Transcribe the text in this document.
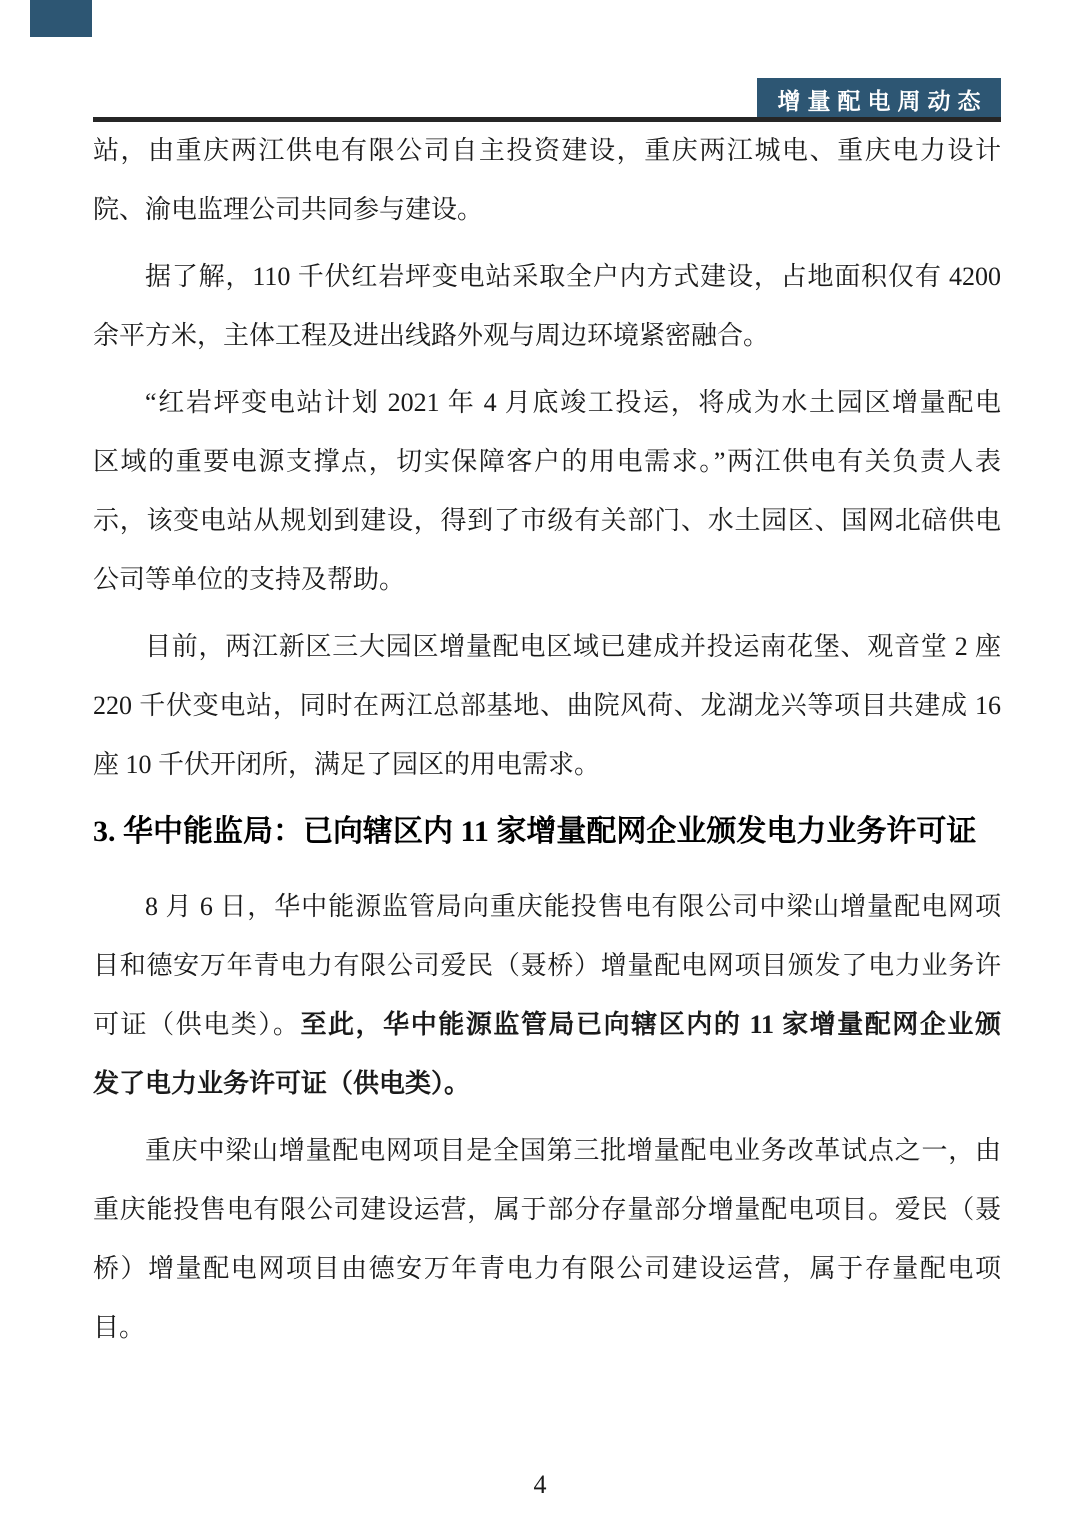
增量配电周动态
站，由重庆两江供电有限公司自主投资建设，重庆两江城电、重庆电力设计
院、渝电监理公司共同参与建设。
据了解，110 千伏红岩坪变电站采取全户内方式建设，占地面积仅有 4200
余平方米，主体工程及进出线路外观与周边环境紧密融合。
“红岩坪变电站计划 2021 年 4 月底竣工投运，将成为水土园区增量配电
区域的重要电源支撑点，切实保障客户的用电需求。”两江供电有关负责人表
示，该变电站从规划到建设，得到了市级有关部门、水土园区、国网北碚供电
公司等单位的支持及帮助。
目前，两江新区三大园区增量配电区域已建成并投运南花堡、观音堂 2 座
220 千伏变电站，同时在两江总部基地、曲院风荷、龙湖龙兴等项目共建成 16
座 10 千伏开闭所，满足了园区的用电需求。
3. 华中能监局：已向辖区内 11 家增量配网企业颁发电力业务许可证
8 月 6 日，华中能源监管局向重庆能投售电有限公司中梁山增量配电网项
目和德安万年青电力有限公司爱民（聂桥）增量配电网项目颁发了电力业务许
可证（供电类）。至此，华中能源监管局已向辖区内的 11 家增量配网企业颁
发了电力业务许可证（供电类）。
重庆中梁山增量配电网项目是全国第三批增量配电业务改革试点之一，由
重庆能投售电有限公司建设运营，属于部分存量部分增量配电项目。爱民（聂
桥）增量配电网项目由德安万年青电力有限公司建设运营，属于存量配电项
目。
4
